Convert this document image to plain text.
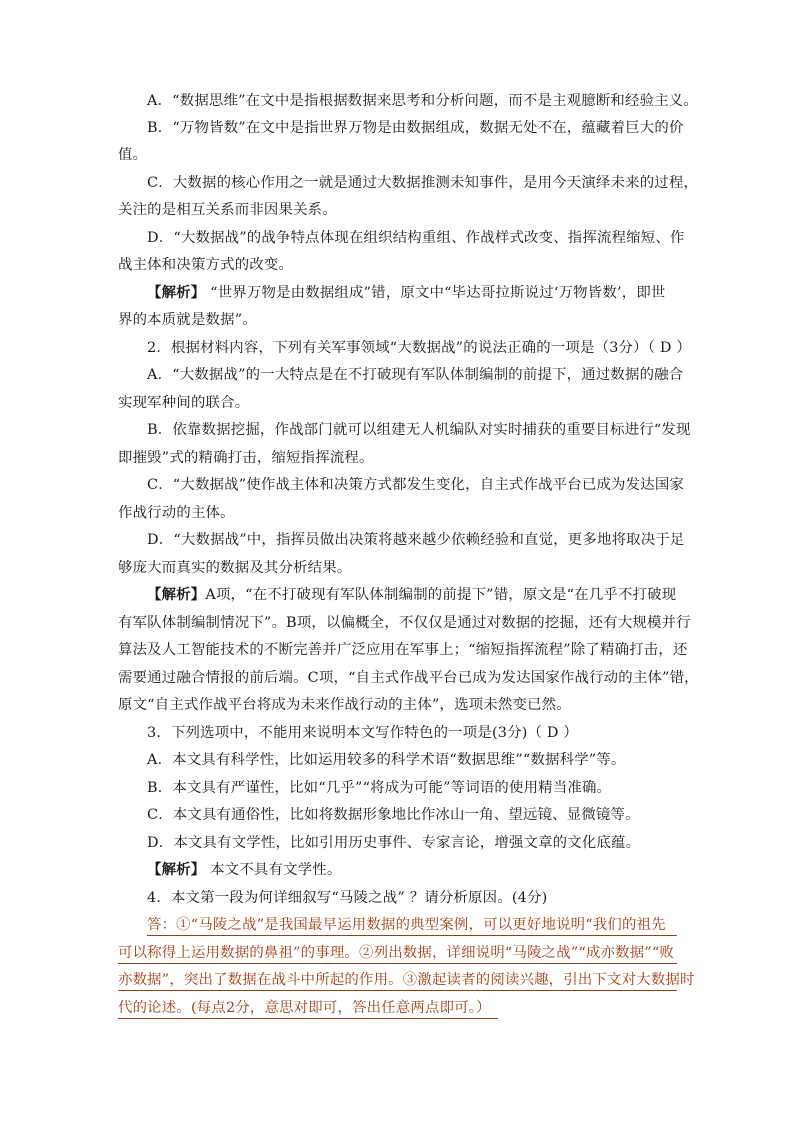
A．“数据思维”在文中是指根据数据来思考和分析问题，而不是主观臆断和经验主义。
B．“万物皆数”在文中是指世界万物是由数据组成，数据无处不在，蕴藏着巨大的价
值。
C．大数据的核心作用之一就是通过大数据推测未知事件，是用今天演绎未来的过程，
关注的是相互关系而非因果关系。
D．“大数据战”的战争特点体现在组织结构重组、作战样式改变、指挥流程缩短、作
战主体和决策方式的改变。
【解析】 “世界万物是由数据组成”错，原文中“毕达哥拉斯说过‘万物皆数’，即世
界的本质就是数据”。
2．根据材料内容，下列有关军事领域“大数据战”的说法正确的一项是（3分）（ D ）
A．“大数据战”的一大特点是在不打破现有军队体制编制的前提下，通过数据的融合
实现军种间的联合。
B．依靠数据挖掘，作战部门就可以组建无人机编队对实时捕获的重要目标进行“发现
即摧毁”式的精确打击，缩短指挥流程。
C．“大数据战”使作战主体和决策方式都发生变化，自主式作战平台已成为发达国家
作战行动的主体。
D．“大数据战”中，指挥员做出决策将越来越少依赖经验和直觉，更多地将取决于足
够庞大而真实的数据及其分析结果。
【解析】A项，“在不打破现有军队体制编制的前提下”错，原文是“在几乎不打破现
有军队体制编制情况下”。B项，以偏概全，不仅仅是通过对数据的挖掘，还有大规模并行
算法及人工智能技术的不断完善并广泛应用在军事上；“缩短指挥流程”除了精确打击，还
需要通过融合情报的前后端。C项，“自主式作战平台已成为发达国家作战行动的主体”错，
原文“自主式作战平台将成为未来作战行动的主体”，选项未然变已然。
3．下列选项中，不能用来说明本文写作特色的一项是(3分)（ D ）
A．本文具有科学性，比如运用较多的科学术语“数据思维”“数据科学”等。
B．本文具有严谨性，比如“几乎”“将成为可能”等词语的使用精当准确。
C．本文具有通俗性，比如将数据形象地比作冰山一角、望远镜、显微镜等。
D．本文具有文学性，比如引用历史事件、专家言论，增强文章的文化底蕴。
【解析】 本文不具有文学性。
4．本文第一段为何详细叙写“马陵之战” ？请分析原因。(4分)
答：①“马陵之战”是我国最早运用数据的典型案例，可以更好地说明“我们的祖先
可以称得上运用数据的鼻祖”的事理。②列出数据，详细说明“马陵之战”“成亦数据”“败
亦数据”，突出了数据在战斗中所起的作用。③激起读者的阅读兴趣，引出下文对大数据时
代的论述。(每点2分，意思对即可，答出任意两点即可。）
